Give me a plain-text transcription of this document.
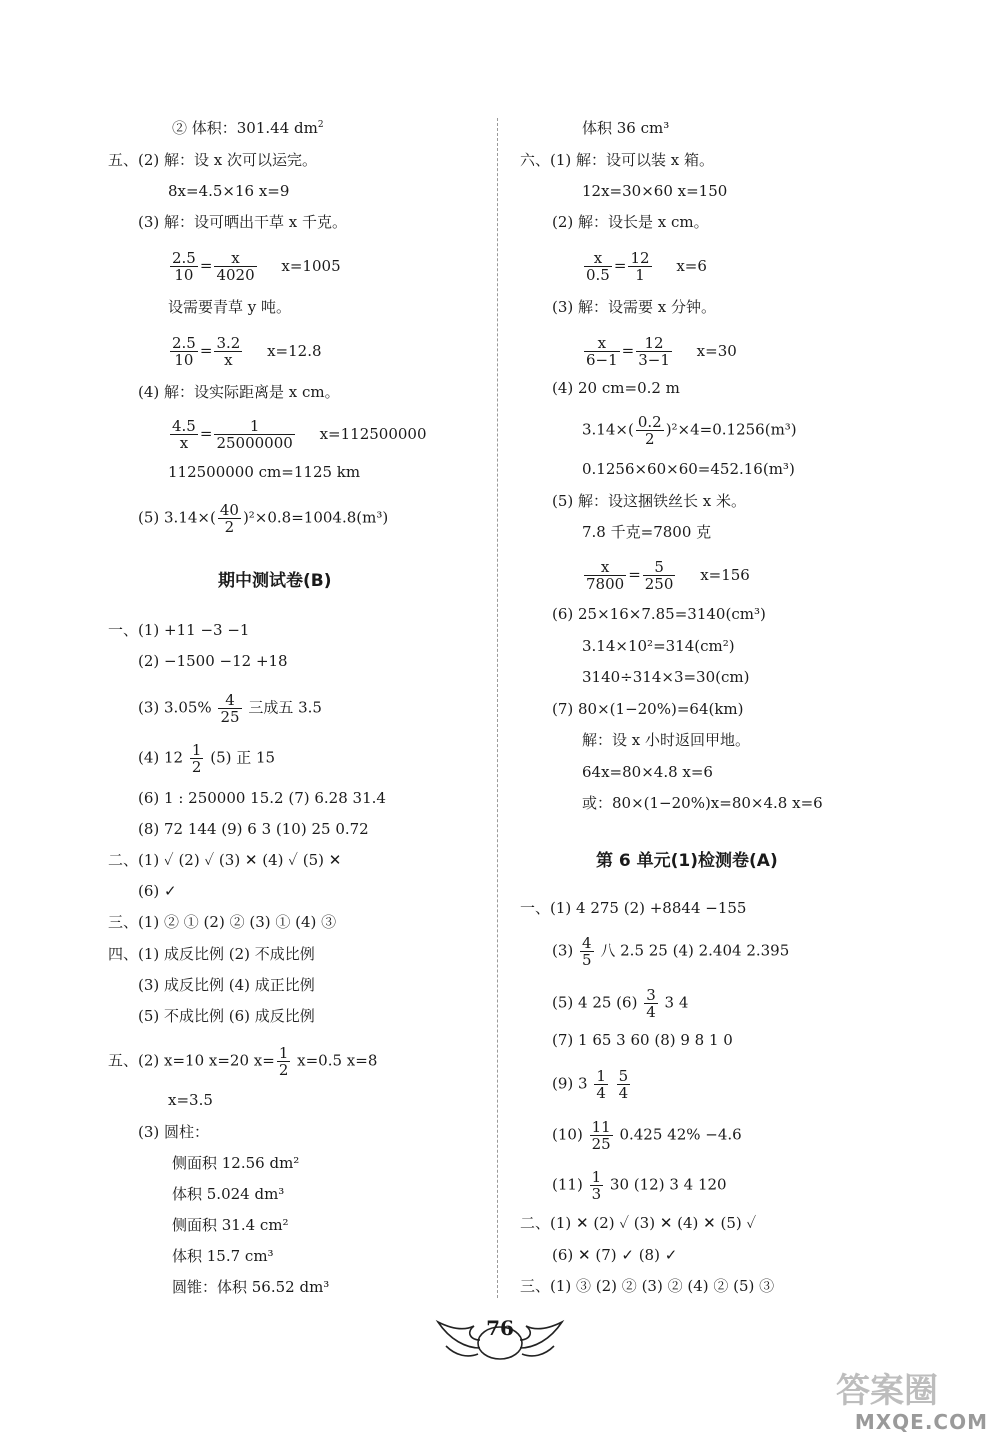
② 体积：301.44 $dm^2$
五、(2) 解：设 x 次可以运完。
8x=4.5×16 x=9
(3) 解：设可晒出干草 x 千克。
$\frac{2.5}{10} = \frac{x}{4020} x=1005$
设需要青草 y 吨。
$\frac{2.5}{10} = \frac{3.2}{x} x=12.8$
(4) 解：设实际距离是 x cm。
$\frac{4.5}{x} = \frac{1}{25000000} x=112500000$
112500000 cm=1125 km
(5) $3.14\times( \frac{40}{2} )^2\times 0.8=1004.8(m^3)$
期中测试卷(B)
一、(1) +11 −3 −1
(2) −1500 −12 +18
(3) $3.05\% \frac{4}{25}$ 三成五 3.5
(4) $12 \frac{1}{2} (5)$ 正 15
(6) 1 : 250000 15.2 (7) 6.28 31.4
(8) 72 144 (9) 6 3 (10) 25 0.72
二、(1) ✓ (2) ✓ (3) ✕ (4) ✓ (5) ✕
(6) ✓
三、(1) ② ① (2) ② (3) ① (4) ③
四、(1) 成反比例 (2) 不成比例
(3) 成反比例 (4) 成正比例
(5) 不成比例 (6) 成反比例
五、(2) x=10 x=20 $x= \frac{1}{2} x=0.5$ x=8
x=3.5
(3) 圆柱：
侧面积 12.56 dm²
体积 5.024 dm³
侧面积 31.4 cm²
体积 15.7 cm³
圆锥：体积 56.52 dm³
体积 36 cm³
六、(1) 解：设可以装 x 箱。
12x=30×60 x=150
(2) 解：设长是 x cm。
$\frac{x}{0.5} = \frac{12}{1} x=6$
(3) 解：设需要 x 分钟。
$\frac{x}{6-1} = \frac{12}{3-1} x=30$
(4) 20 cm=0.2 m
$3.14\times( \frac{0.2}{2} )^2\times 4=0.1256(m^3)$
0.1256×60×60=452.16(m³)
(5) 解：设这捆铁丝长 x 米。
7.8 千克=7800 克
$\frac{x}{7800} = \frac{5}{250} x=156$
(6) 25×16×7.85=3140(cm³)
3.14×10²=314(cm²)
3140÷314×3=30(cm)
(7) 80×(1−20%)=64(km)
解：设 x 小时返回甲地。
64x=80×4.8 x=6
或：80×(1−20%)x=80×4.8 x=6
第 6 单元(1)检测卷(A)
一、(1) 4 275 (2) +8844 −155
$(3) \frac{4}{5}$ 八 2.5 25 (4) 2.404 2.395
(5) 4 25 $(6) \frac{3}{4} 3$ 4
(7) 1 65 3 60 (8) 9 8 1 0
(9) $3 \frac{1}{4}$
$\frac{5}{4}$
$(10) \frac{11}{25} 0.425$ 42% −4.6
$(11) \frac{1}{3} 30$ (12) 3 4 120
二、(1) ✕ (2) ✓ (3) ✕ (4) ✕ (5) ✓
(6) ✕ (7) ✓ (8) ✓
三、(1) ③ (2) ② (3) ② (4) ② (5) ③
76
答案圈
MXQE.COM
